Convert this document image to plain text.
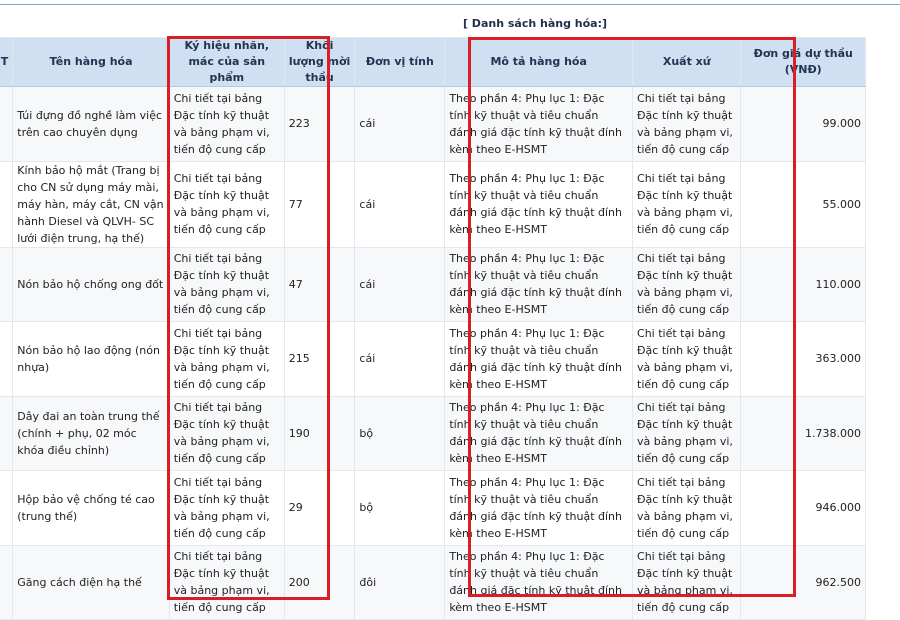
[ Danh sách hàng hóa:]
T	Tên hàng hóa	Ký hiệu nhãn, mác của sản phẩm	Khối lượng mời thầu	Đơn vị tính	Mô tả hàng hóa	Xuất xứ	Đơn giá dự thầu (VNĐ)
	Túi đựng đồ nghề làm việc trên cao chuyên dụng	Chi tiết tại bảng Đặc tính kỹ thuật và bảng phạm vi, tiến độ cung cấp	223	cái	Theo phần 4: Phụ lục 1: Đặc tính kỹ thuật và tiêu chuẩn đánh giá đặc tính kỹ thuật đính kèm theo E-HSMT	Chi tiết tại bảng Đặc tính kỹ thuật và bảng phạm vi, tiến độ cung cấp	99.000
	Kính bảo hộ mắt (Trang bị cho CN sử dụng máy mài, máy hàn, máy cắt, CN vận hành Diesel và QLVH- SC lưới điện trung, hạ thế)	Chi tiết tại bảng Đặc tính kỹ thuật và bảng phạm vi, tiến độ cung cấp	77	cái	Theo phần 4: Phụ lục 1: Đặc tính kỹ thuật và tiêu chuẩn đánh giá đặc tính kỹ thuật đính kèm theo E-HSMT	Chi tiết tại bảng Đặc tính kỹ thuật và bảng phạm vi, tiến độ cung cấp	55.000
	Nón bảo hộ chống ong đốt	Chi tiết tại bảng Đặc tính kỹ thuật và bảng phạm vi, tiến độ cung cấp	47	cái	Theo phần 4: Phụ lục 1: Đặc tính kỹ thuật và tiêu chuẩn đánh giá đặc tính kỹ thuật đính kèm theo E-HSMT	Chi tiết tại bảng Đặc tính kỹ thuật và bảng phạm vi, tiến độ cung cấp	110.000
	Nón bảo hộ lao động (nón nhựa)	Chi tiết tại bảng Đặc tính kỹ thuật và bảng phạm vi, tiến độ cung cấp	215	cái	Theo phần 4: Phụ lục 1: Đặc tính kỹ thuật và tiêu chuẩn đánh giá đặc tính kỹ thuật đính kèm theo E-HSMT	Chi tiết tại bảng Đặc tính kỹ thuật và bảng phạm vi, tiến độ cung cấp	363.000
	Dây đai an toàn trung thế (chính + phụ, 02 móc khóa điều chỉnh)	Chi tiết tại bảng Đặc tính kỹ thuật và bảng phạm vi, tiến độ cung cấp	190	bộ	Theo phần 4: Phụ lục 1: Đặc tính kỹ thuật và tiêu chuẩn đánh giá đặc tính kỹ thuật đính kèm theo E-HSMT	Chi tiết tại bảng Đặc tính kỹ thuật và bảng phạm vi, tiến độ cung cấp	1.738.000
	Hộp bảo vệ chống té cao (trung thế)	Chi tiết tại bảng Đặc tính kỹ thuật và bảng phạm vi, tiến độ cung cấp	29	bộ	Theo phần 4: Phụ lục 1: Đặc tính kỹ thuật và tiêu chuẩn đánh giá đặc tính kỹ thuật đính kèm theo E-HSMT	Chi tiết tại bảng Đặc tính kỹ thuật và bảng phạm vi, tiến độ cung cấp	946.000
	Găng cách điện hạ thế	Chi tiết tại bảng Đặc tính kỹ thuật và bảng phạm vi, tiến độ cung cấp	200	đôi	Theo phần 4: Phụ lục 1: Đặc tính kỹ thuật và tiêu chuẩn đánh giá đặc tính kỹ thuật đính kèm theo E-HSMT	Chi tiết tại bảng Đặc tính kỹ thuật và bảng phạm vi, tiến độ cung cấp	962.500
